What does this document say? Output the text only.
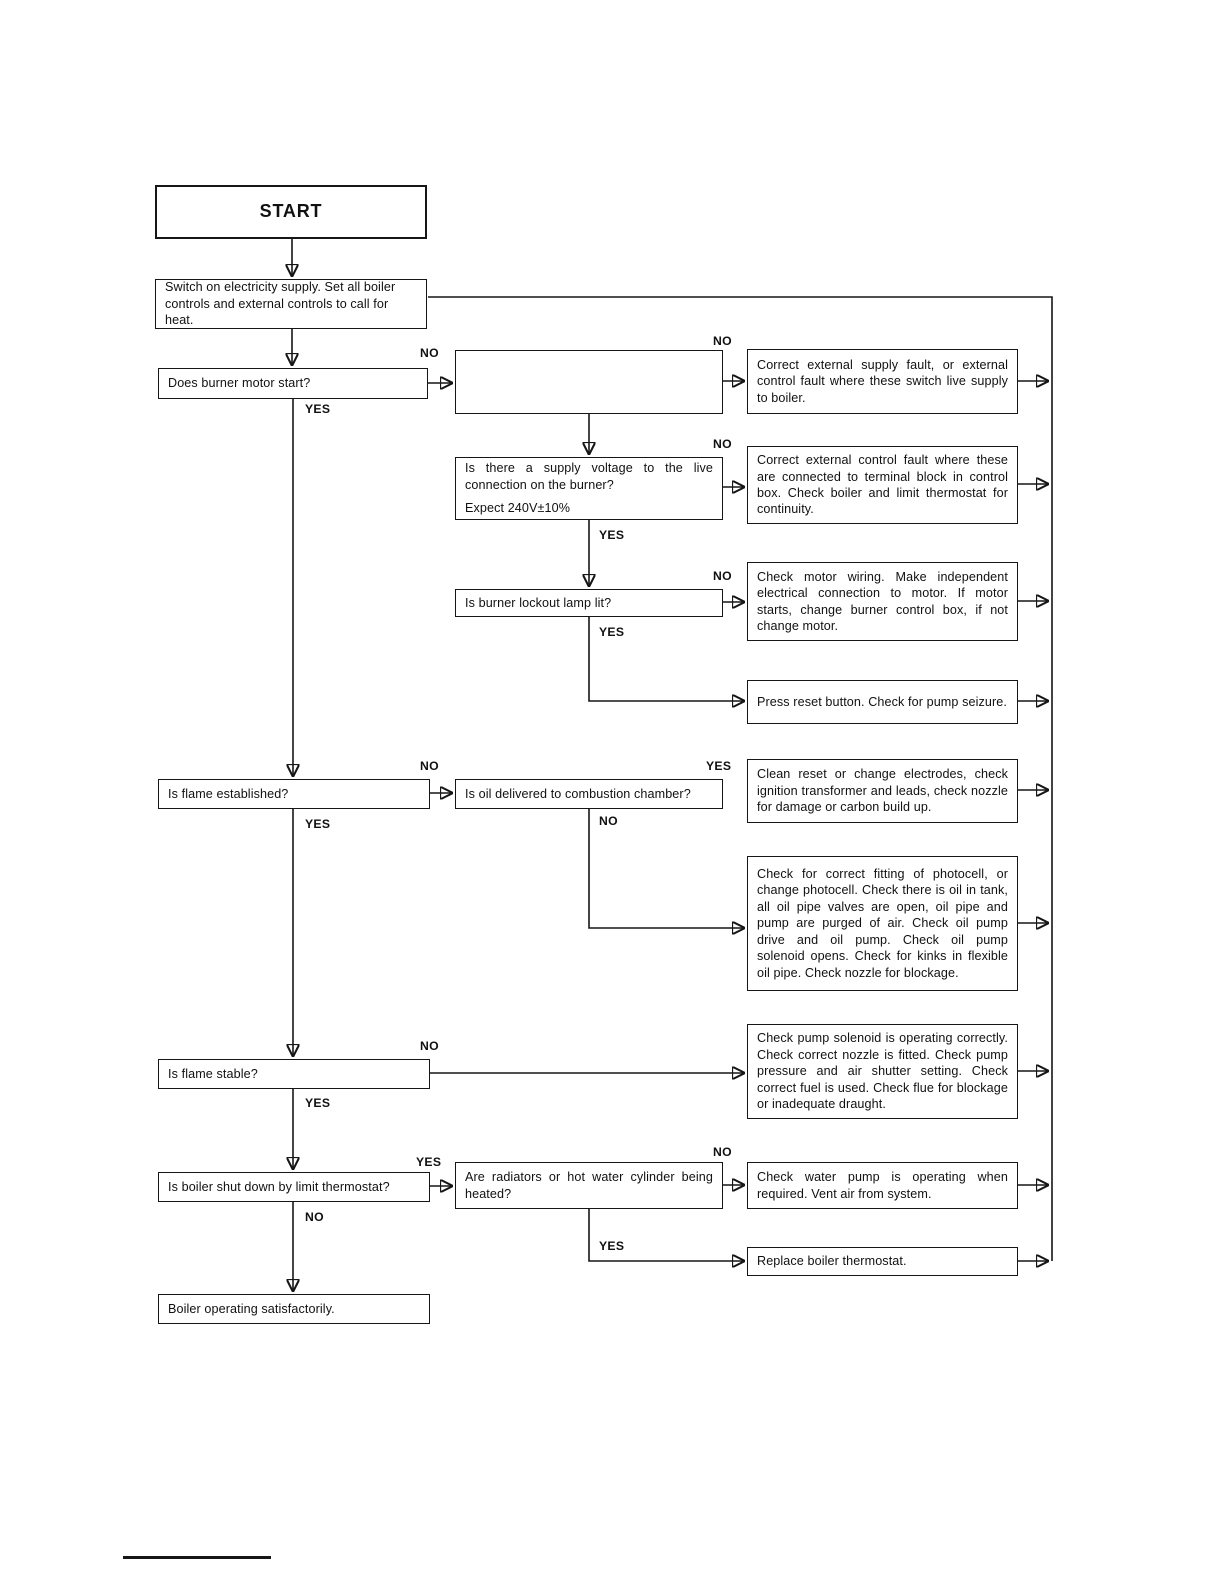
START
Switch on electricity supply. Set all boiler controls and external controls to call for heat.
Does burner motor start?
Is flame established?
Is flame stable?
Is boiler shut down by limit thermostat?
Boiler operating satisfactorily.
Is there a supply voltage to the live connection on the burner?
Expect 240V±10%
Is burner lockout lamp lit?
Is oil delivered to combustion chamber?
Are radiators or hot water cylinder being heated?
Correct external supply fault, or external control fault where these switch live supply to boiler.
Correct external control fault where these are connected to terminal block in control box. Check boiler and limit thermostat for continuity.
Check motor wiring. Make independent electrical connection to motor. If motor starts, change burner control box, if not change motor.
Press reset button. Check for pump seizure.
Clean reset or change electrodes, check ignition transformer and leads, check nozzle for damage or carbon build up.
Check for correct fitting of photocell, or change photocell. Check there is oil in tank, all oil pipe valves are open, oil pipe and pump are purged of air. Check oil pump drive and oil pump. Check oil pump solenoid opens. Check for kinks in flexible oil pipe. Check nozzle for blockage.
Check pump solenoid is operating correctly. Check correct nozzle is fitted. Check pump pressure and air shutter setting. Check correct fuel is used. Check flue for blockage or inadequate draught.
Check water pump is operating when required. Vent air from system.
Replace boiler thermostat.
NO
YES
NO
NO
YES
NO
YES
NO	YES
NO
YES
NO
YES
YES
NO
NO
YES
